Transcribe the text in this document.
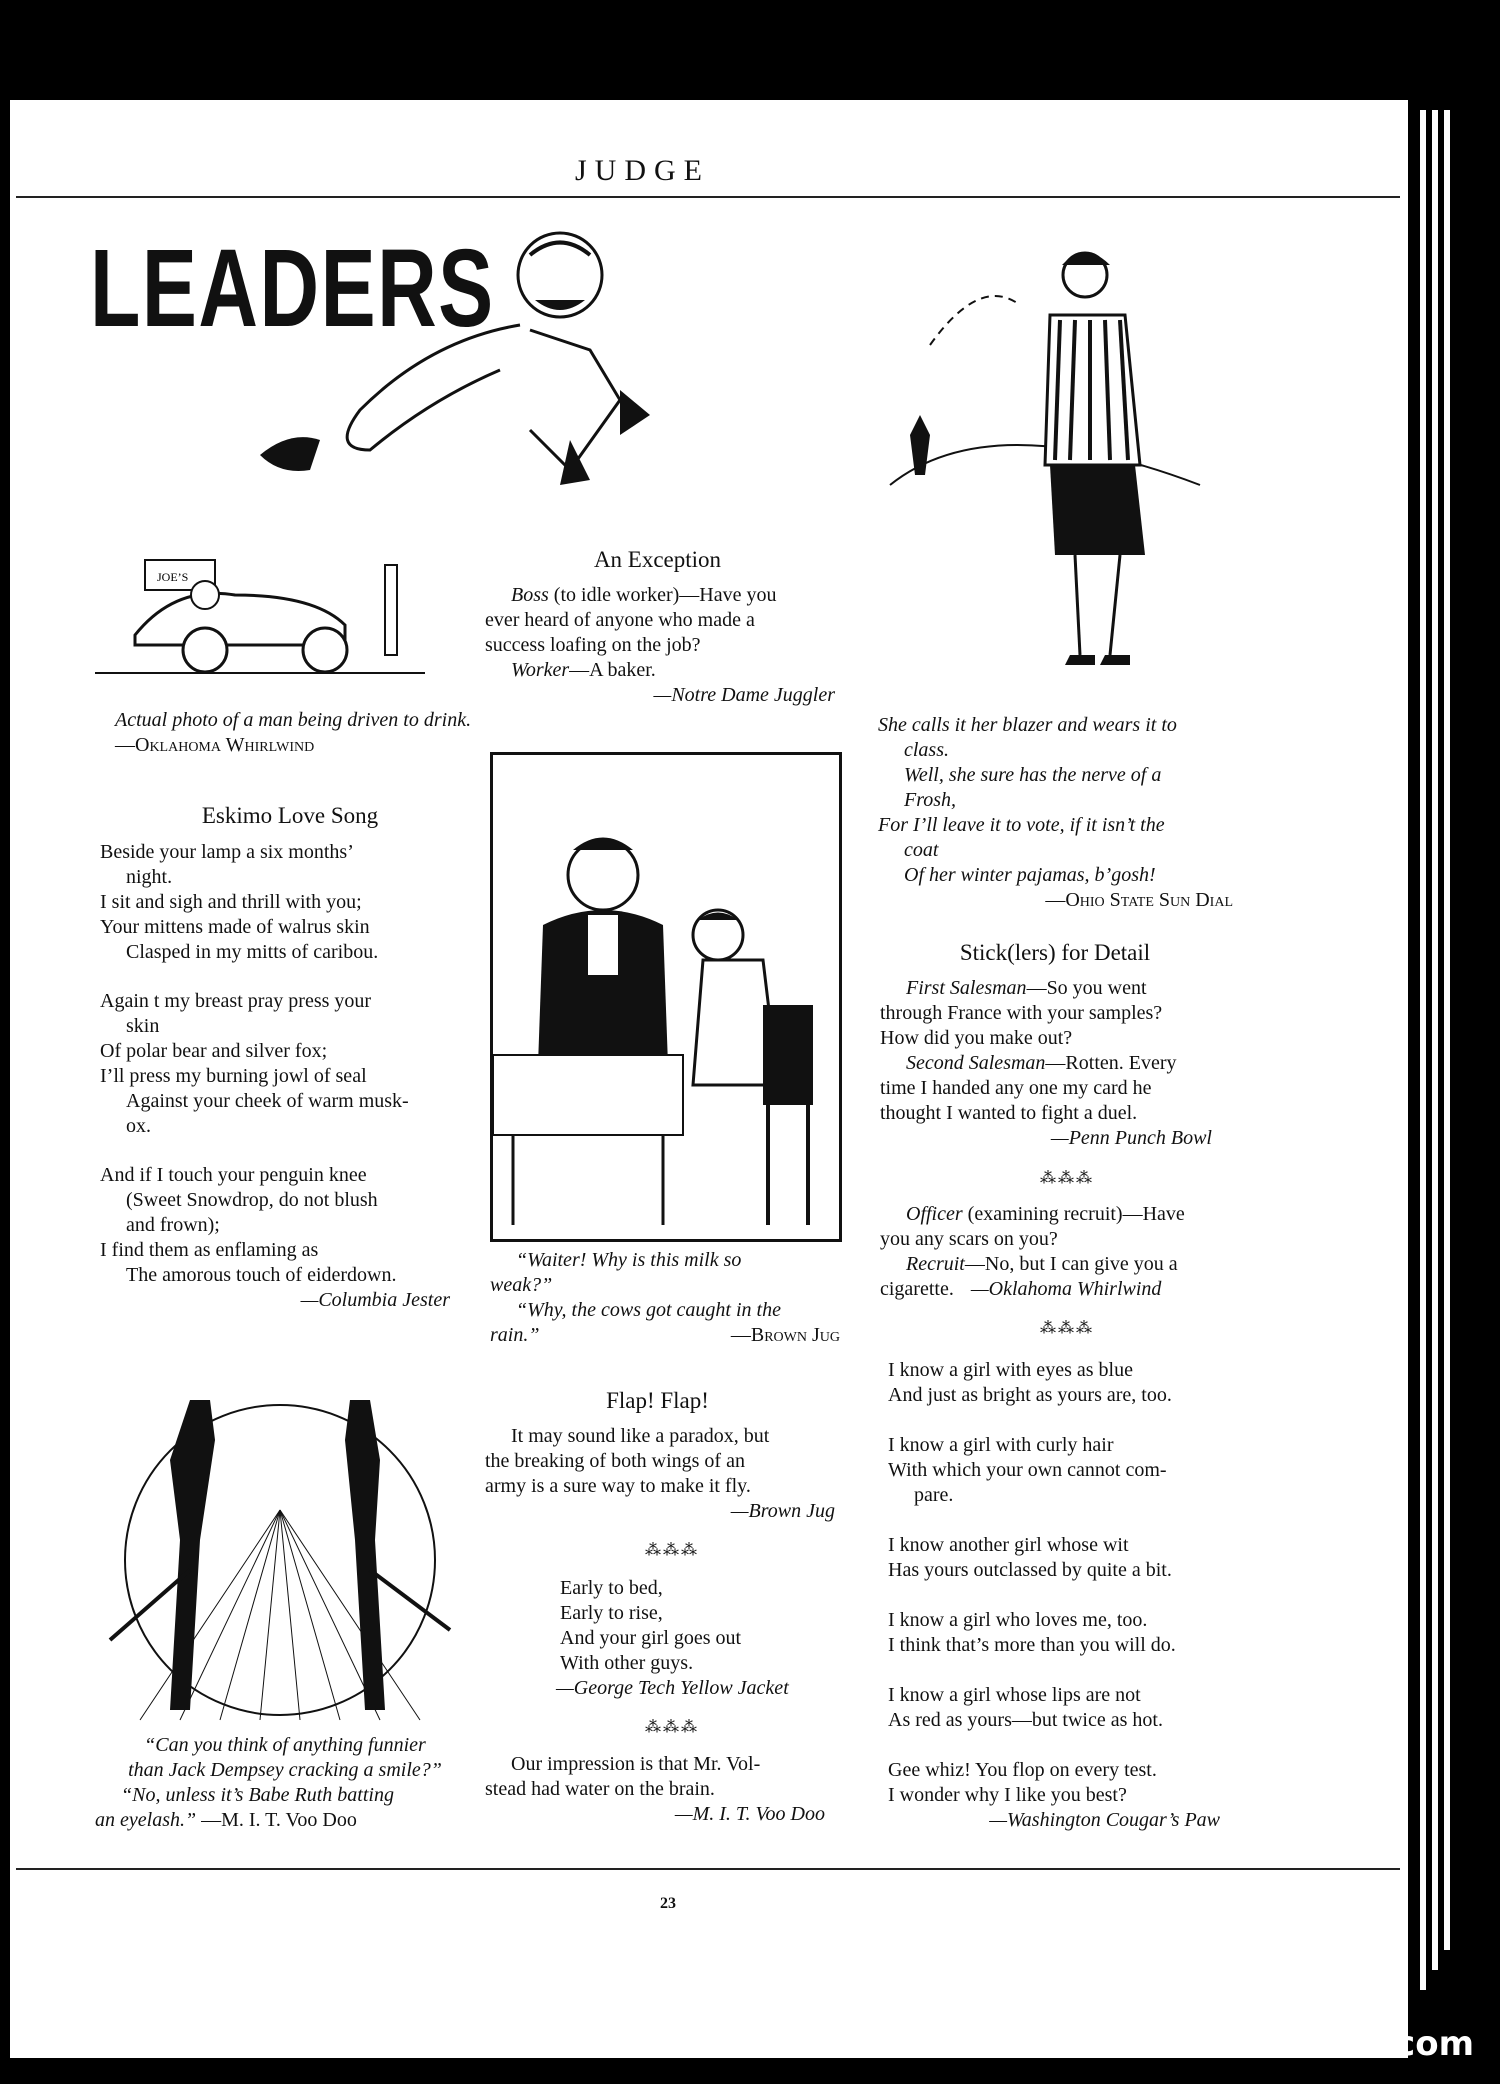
JUDGE
LEADERS
JOE’S
Actual photo of a man being driven to drink. —Oklahoma Whirlwind
Eskimo Love Song
Beside your lamp a six months’
night.
I sit and sigh and thrill with you;
Your mittens made of walrus skin
Clasped in my mitts of caribou.
Again t my breast pray press your
skin
Of polar bear and silver fox;
I’ll press my burning jowl of seal
Against your cheek of warm musk-
ox.
And if I touch your penguin knee
(Sweet Snowdrop, do not blush
and frown);
I find them as enflaming as
The amorous touch of eiderdown.
—Columbia Jester
“Can you think of anything funnier
than Jack Dempsey cracking a smile?”
“No, unless it’s Babe Ruth batting
an eyelash.” —M. I. T. Voo Doo
An Exception
Boss (to idle worker)—Have you
ever heard of anyone who made a
success loafing on the job?
Worker—A baker.
—Notre Dame Juggler
“Waiter! Why is this milk so
weak?”
“Why, the cows got caught in the
rain.”	—Brown Jug
Flap! Flap!
It may sound like a paradox, but
the breaking of both wings of an
army is a sure way to make it fly.
—Brown Jug
⁂⁂⁂
Early to bed,
Early to rise,
And your girl goes out
With other guys.
—George Tech Yellow Jacket
⁂⁂⁂
Our impression is that Mr. Vol-
stead had water on the brain.
—M. I. T. Voo Doo
She calls it her blazer and wears it to
class.
Well, she sure has the nerve of a
Frosh,
For I’ll leave it to vote, if it isn’t the
coat
Of her winter pajamas, b’gosh!
—Ohio State Sun Dial
Stick(lers) for Detail
First Salesman—So you went
through France with your samples?
How did you make out?
Second Salesman—Rotten. Every
time I handed any one my card he
thought I wanted to fight a duel.
—Penn Punch Bowl
⁂⁂⁂
Officer (examining recruit)—Have
you any scars on you?
Recruit—No, but I can give you a
cigarette. —Oklahoma Whirlwind
⁂⁂⁂
I know a girl with eyes as blue
And just as bright as yours are, too.
I know a girl with curly hair
With which your own cannot com-
pare.
I know another girl whose wit
Has yours outclassed by quite a bit.
I know a girl who loves me, too.
I think that’s more than you will do.
I know a girl whose lips are not
As red as yours—but twice as hot.
Gee whiz! You flop on every test.
I wonder why I like you best?
—Washington Cougar’s Paw
23
comicbooks.com
